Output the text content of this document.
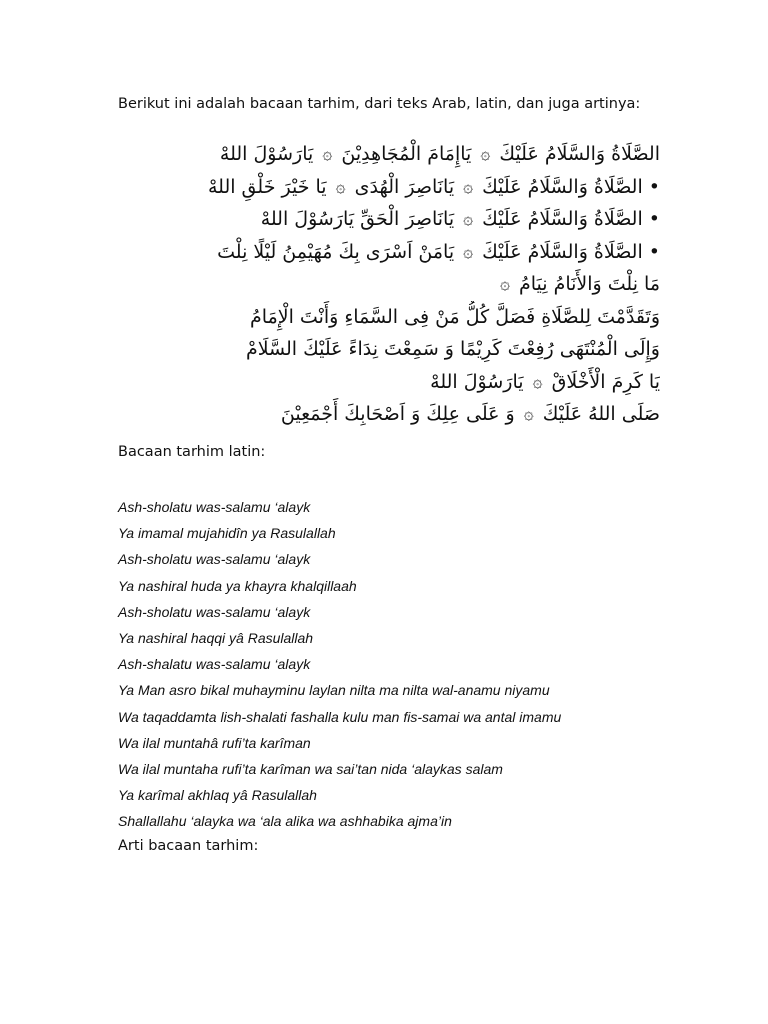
Berikut ini adalah bacaan tarhim, dari teks Arab, latin, dan juga artinya:

الصَّلَاةُ وَالسَّلَامُ عَلَيْكَ ۞ يَاإِمَامَ الْمُجَاهِدِيْنَ ۞ يَارَسُوْلَ اللهْ
• الصَّلَاةُ وَالسَّلَامُ عَلَيْكَ ۞ يَانَاصِرَ الْهُدَى ۞ يَا خَيْرَ خَلْقِ اللهْ
• الصَّلَاةُ وَالسَّلَامُ عَلَيْكَ ۞ يَانَاصِرَ الْحَقِّ يَارَسُوْلَ اللهْ
• الصَّلَاةُ وَالسَّلَامُ عَلَيْكَ ۞ يَامَنْ اَسْرَى بِكَ مُهَيْمِنُ لَيْلًا نِلْتَ
مَا نِلْتَ وَالأَنَامُ نِيَامُ ۞
وَتَقَدَّمْتَ لِلصَّلَاةِ فَصَلَّ كُلُّ مَنْ فِى السَّمَاءِ وَأَنْتَ الْإِمَامُ
وَإِلَى الْمُنْتَهَى رُفِعْتَ كَرِيْمًا وَ سَمِعْتَ نِدَاءً عَلَيْكَ السَّلَامْ
يَا كَرِمَ الْأَخْلَاقْ ۞ يَارَسُوْلَ اللهْ
صَلَى اللهُ عَلَيْكَ ۞ وَ عَلَى عِلِكَ وَ اَصْحَابِكَ أَجْمَعِيْنَ

Bacaan tarhim latin:

Ash-sholatu was-salamu ‘alayk
Ya imamal mujahidîn ya Rasulallah
Ash-sholatu was-salamu ‘alayk
Ya nashiral huda ya khayra khalqillaah
Ash-sholatu was-salamu ‘alayk
Ya nashiral haqqi yâ Rasulallah
Ash-shalatu was-salamu ‘alayk
Ya Man asro bikal muhayminu laylan nilta ma nilta wal-anamu niyamu
Wa taqaddamta lish-shalati fashalla kulu man fis-samai wa antal imamu
Wa ilal muntahâ rufi’ta karîman
Wa ilal muntaha rufi’ta karîman wa sai’tan nida ‘alaykas salam
Ya karîmal akhlaq yâ Rasulallah
Shallallahu ‘alayka wa ‘ala alika wa ashhabika ajma’in

Arti bacaan tarhim:
